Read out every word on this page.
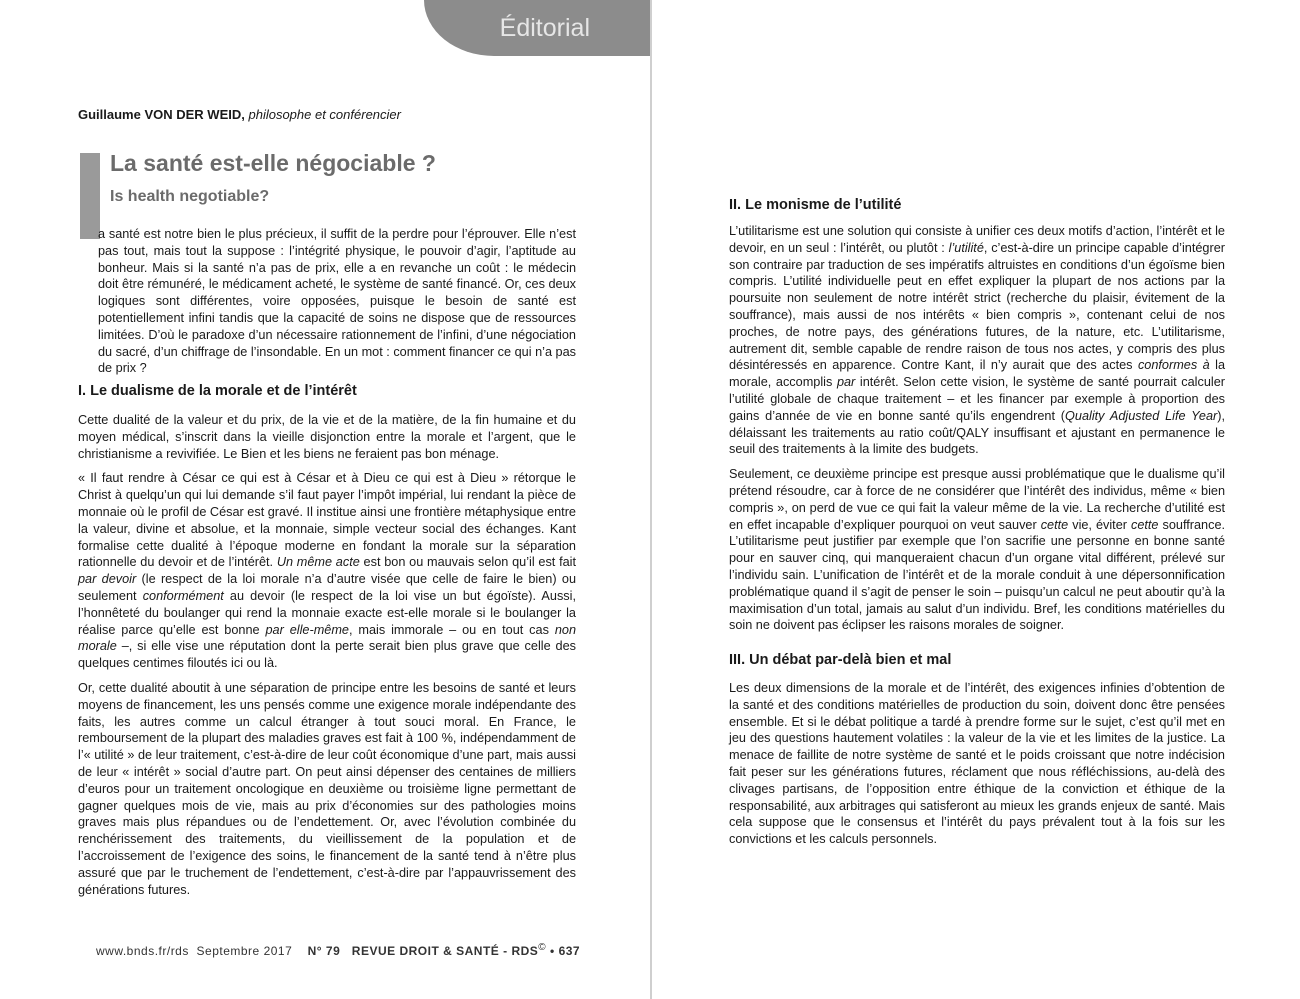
Éditorial
Guillaume VON DER WEID, philosophe et conférencier
L
La santé est-elle négociable ?
Is health negotiable?

a santé est notre bien le plus précieux, il suffit de la perdre pour l’éprouver. Elle n’est pas tout, mais tout la suppose : l’intégrité physique, le pouvoir d’agir, l’aptitude au bonheur. Mais si la santé n’a pas de prix, elle a en revanche un coût : le médecin doit être rémunéré, le médicament acheté, le système de santé financé. Or, ces deux logiques sont différentes, voire opposées, puisque le besoin de santé est potentiellement infini tandis que la capacité de soins ne dispose que de ressources limitées. D’où le paradoxe d’un nécessaire rationnement de l’infini, d’une négociation du sacré, d’un chiffrage de l’insondable. En un mot : comment financer ce qui n’a pas de prix ?

I. Le dualisme de la morale et de l’intérêt

Cette dualité de la valeur et du prix, de la vie et de la matière, de la fin humaine et du moyen médical, s’inscrit dans la vieille disjonction entre la morale et l’argent, que le christianisme a revivifiée. Le Bien et les biens ne feraient pas bon ménage.

« Il faut rendre à César ce qui est à César et à Dieu ce qui est à Dieu » rétorque le Christ à quelqu’un qui lui demande s’il faut payer l’impôt impérial, lui rendant la pièce de monnaie où le profil de César est gravé. Il institue ainsi une frontière métaphysique entre la valeur, divine et absolue, et la monnaie, simple vecteur social des échanges. Kant formalise cette dualité à l’époque moderne en fondant la morale sur la séparation rationnelle du devoir et de l’intérêt. Un même acte est bon ou mauvais selon qu’il est fait par devoir (le respect de la loi morale n’a d’autre visée que celle de faire le bien) ou seulement conformément au devoir (le respect de la loi vise un but égoïste). Aussi, l’honnêteté du boulanger qui rend la monnaie exacte est-elle morale si le boulanger la réalise parce qu’elle est bonne par elle-même, mais immorale – ou en tout cas non morale –, si elle vise une réputation dont la perte serait bien plus grave que celle des quelques centimes filoutés ici ou là.

Or, cette dualité aboutit à une séparation de principe entre les besoins de santé et leurs moyens de financement, les uns pensés comme une exigence morale indépendante des faits, les autres comme un calcul étranger à tout souci moral. En France, le remboursement de la plupart des maladies graves est fait à 100 %, indépendamment de l’« utilité » de leur traitement, c’est-à-dire de leur coût économique d’une part, mais aussi de leur « intérêt » social d’autre part. On peut ainsi dépenser des centaines de milliers d’euros pour un traitement oncologique en deuxième ou troisième ligne permettant de gagner quelques mois de vie, mais au prix d’économies sur des pathologies moins graves mais plus répandues ou de l’endettement. Or, avec l’évolution combinée du renchérissement des traitements, du vieillissement de la population et de l’accroissement de l’exigence des soins, le financement de la santé tend à n’être plus assuré que par le truchement de l’endettement, c’est-à-dire par l’appauvrissement des générations futures.

www.bnds.fr/rds Septembre 2017 N° 79 REVUE DROIT & SANTÉ - RDS© • 637
II. Le monisme de l’utilité

L’utilitarisme est une solution qui consiste à unifier ces deux motifs d’action, l’intérêt et le devoir, en un seul : l’intérêt, ou plutôt : l’utilité, c’est-à-dire un principe capable d’intégrer son contraire par traduction de ses impératifs altruistes en conditions d’un égoïsme bien compris. L’utilité individuelle peut en effet expliquer la plupart de nos actions par la poursuite non seulement de notre intérêt strict (recherche du plaisir, évitement de la souffrance), mais aussi de nos intérêts « bien compris », contenant celui de nos proches, de notre pays, des générations futures, de la nature, etc. L’utilitarisme, autrement dit, semble capable de rendre raison de tous nos actes, y compris des plus désintéressés en apparence. Contre Kant, il n’y aurait que des actes conformes à la morale, accomplis par intérêt. Selon cette vision, le système de santé pourrait calculer l’utilité globale de chaque traitement – et les financer par exemple à proportion des gains d’année de vie en bonne santé qu’ils engendrent (Quality Adjusted Life Year), délaissant les traitements au ratio coût/QALY insuffisant et ajustant en permanence le seuil des traitements à la limite des budgets.

Seulement, ce deuxième principe est presque aussi problématique que le dualisme qu’il prétend résoudre, car à force de ne considérer que l’intérêt des individus, même « bien compris », on perd de vue ce qui fait la valeur même de la vie. La recherche d’utilité est en effet incapable d’expliquer pourquoi on veut sauver cette vie, éviter cette souffrance. L’utilitarisme peut justifier par exemple que l’on sacrifie une personne en bonne santé pour en sauver cinq, qui manqueraient chacun d’un organe vital différent, prélevé sur l’individu sain. L’unification de l’intérêt et de la morale conduit à une dépersonnification problématique quand il s’agit de penser le soin – puisqu’un calcul ne peut aboutir qu’à la maximisation d’un total, jamais au salut d’un individu. Bref, les conditions matérielles du soin ne doivent pas éclipser les raisons morales de soigner.

III. Un débat par-delà bien et mal

Les deux dimensions de la morale et de l’intérêt, des exigences infinies d’obtention de la santé et des conditions matérielles de production du soin, doivent donc être pensées ensemble. Et si le débat politique a tardé à prendre forme sur le sujet, c’est qu’il met en jeu des questions hautement volatiles : la valeur de la vie et les limites de la justice. La menace de faillite de notre système de santé et le poids croissant que notre indécision fait peser sur les générations futures, réclament que nous réfléchissions, au-delà des clivages partisans, de l’opposition entre éthique de la conviction et éthique de la responsabilité, aux arbitrages qui satisferont au mieux les grands enjeux de santé. Mais cela suppose que le consensus et l’intérêt du pays prévalent tout à la fois sur les convictions et les calculs personnels.
